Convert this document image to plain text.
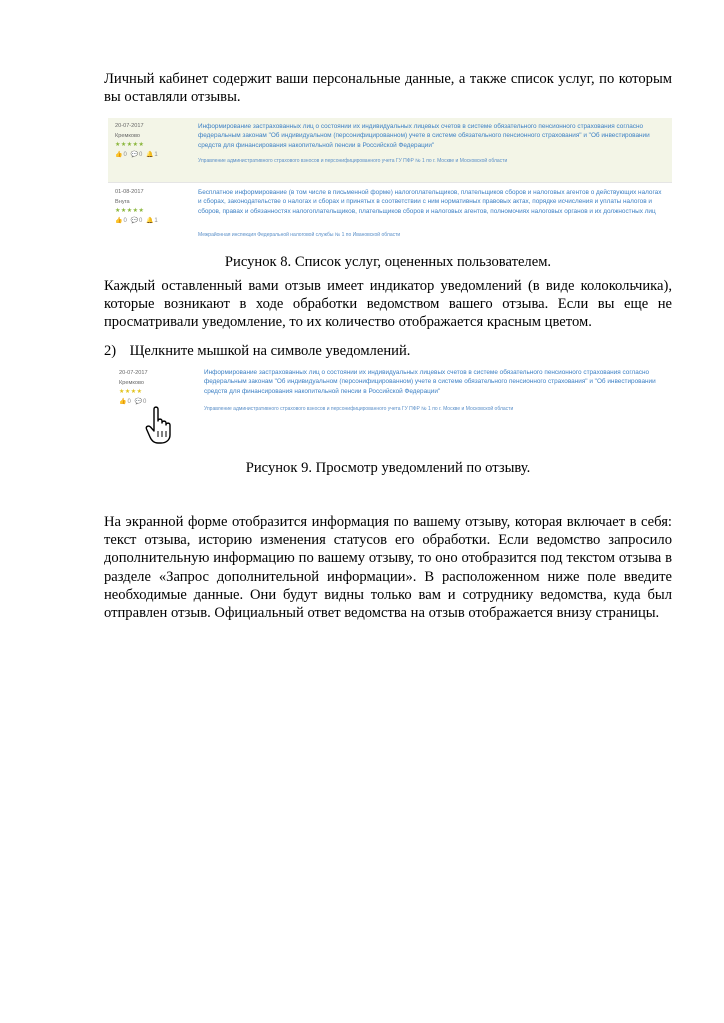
Личный кабинет содержит ваши персональные данные, а также список услуг, по которым вы оставляли отзывы.

20-07-2017
Кремково
★★★★★
👍0 💬0 🔔1
Информирование застрахованных лиц о состоянии их индивидуальных лицевых счетов в системе обязательного пенсионного страхования согласно федеральным законам "Об индивидуальном (персонифицированном) учете в системе обязательного пенсионного страхования" и "Об инвестировании средств для финансирования накопительной пенсии в Российской Федерации"
Управление административного страхового взносов и персонифицированного учета ГУ ПФР № 1 по г. Москве и Московской области
01-08-2017
Внуга
★★★★★
👍0 💬0 🔔1
Бесплатное информирование (в том числе в письменной форме) налогоплательщиков, плательщиков сборов и налоговых агентов о действующих налогах и сборах, законодательстве о налогах и сборах и принятых в соответствии с ним нормативных правовых актах, порядке исчисления и уплаты налогов и сборов, правах и обязанностях налогоплательщиков, плательщиков сборов и налоговых агентов, полномочиях налоговых органов и их должностных лиц
Межрайонная инспекция Федеральной налоговой службы № 1 по Ивановской области

Рисунок 8. Список услуг, оцененных пользователем.

Каждый оставленный вами отзыв имеет индикатор уведомлений (в виде колокольчика), которые возникают в ходе обработки ведомством вашего отзыва. Если вы еще не просматривали уведомление, то их количество отображается красным цветом.

2) Щелкните мышкой на символе уведомлений.

20-07-2017
Кремково
★★★★
👍0 💬0
Информирование застрахованных лиц о состоянии их индивидуальных лицевых счетов в системе обязательного пенсионного страхования согласно федеральным законам "Об индивидуальном (персонифицированном) учете в системе обязательного пенсионного страхования" и "Об инвестировании средств для финансирования накопительной пенсии в Российской Федерации"
Управление административного страхового взносов и персонифицированного учета ГУ ПФР № 1 по г. Москве и Московской области

Рисунок 9. Просмотр уведомлений по отзыву.

На экранной форме отобразится информация по вашему отзыву, которая включает в себя: текст отзыва, историю изменения статусов его обработки. Если ведомство запросило дополнительную информацию по вашему отзыву, то оно отобразится под текстом отзыва в разделе «Запрос дополнительной информации». В расположенном ниже поле введите необходимые данные. Они будут видны только вам и сотруднику ведомства, куда был отправлен отзыв. Официальный ответ ведомства на отзыв отображается внизу страницы.
